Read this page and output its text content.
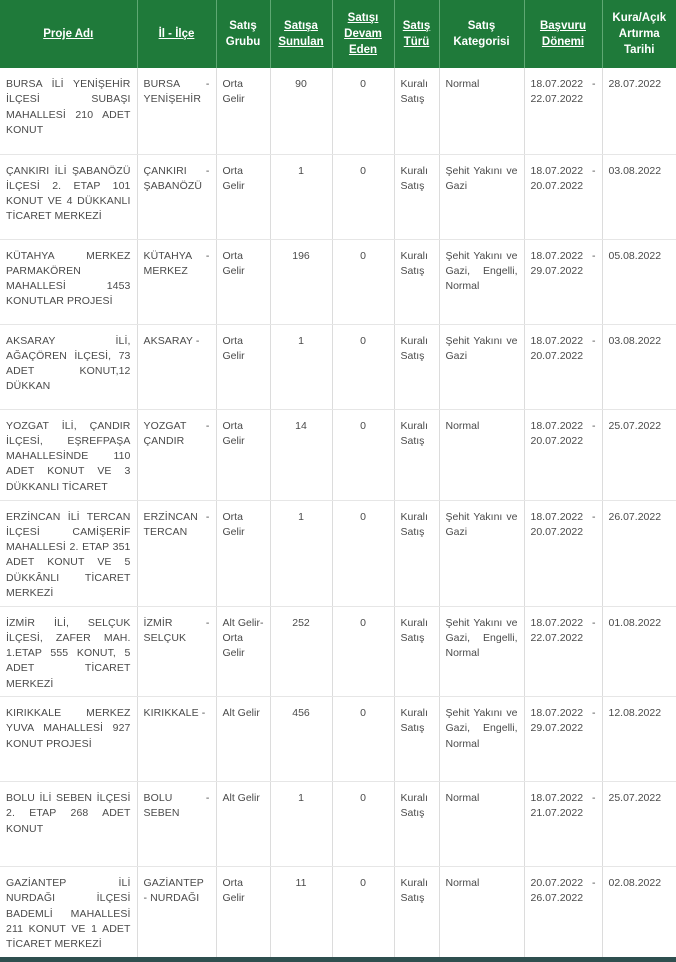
Proje Adı	İl - İlçe	Satış Grubu	Satışa Sunulan	Satışı Devam Eden	Satış Türü	Satış Kategorisi	Başvuru Dönemi	Kura/Açık Artırma Tarihi
BURSA İLİ YENİŞEHİR İLÇESİ SUBAŞI MAHALLESİ 210 ADET KONUT	BURSA - YENİŞEHİR	Orta Gelir	90	0	Kuralı Satış	Normal	18.07.2022 - 22.07.2022	28.07.2022
ÇANKIRI İLİ ŞABANÖZÜ İLÇESİ 2. ETAP 101 KONUT VE 4 DÜKKANLI TİCARET MERKEZİ	ÇANKIRI - ŞABANÖZÜ	Orta Gelir	1	0	Kuralı Satış	Şehit Yakını ve Gazi	18.07.2022 - 20.07.2022	03.08.2022
KÜTAHYA MERKEZ PARMAKÖREN MAHALLESİ 1453 KONUTLAR PROJESİ	KÜTAHYA - MERKEZ	Orta Gelir	196	0	Kuralı Satış	Şehit Yakını ve Gazi, Engelli, Normal	18.07.2022 - 29.07.2022	05.08.2022
AKSARAY İLİ, AĞAÇÖREN İLÇESİ, 73 ADET KONUT,12 DÜKKAN	AKSARAY -	Orta Gelir	1	0	Kuralı Satış	Şehit Yakını ve Gazi	18.07.2022 - 20.07.2022	03.08.2022
YOZGAT İLİ, ÇANDIR İLÇESİ, EŞREFPAŞA MAHALLESİNDE 110 ADET KONUT VE 3 DÜKKANLI TİCARET	YOZGAT - ÇANDIR	Orta Gelir	14	0	Kuralı Satış	Normal	18.07.2022 - 20.07.2022	25.07.2022
ERZİNCAN İLİ TERCAN İLÇESİ CAMİŞERİF MAHALLESİ 2. ETAP 351 ADET KONUT VE 5 DÜKKÂNLI TİCARET MERKEZİ	ERZİNCAN - TERCAN	Orta Gelir	1	0	Kuralı Satış	Şehit Yakını ve Gazi	18.07.2022 - 20.07.2022	26.07.2022
İZMİR İLİ, SELÇUK İLÇESİ, ZAFER MAH. 1.ETAP 555 KONUT, 5 ADET TİCARET MERKEZİ	İZMİR - SELÇUK	Alt Gelir-Orta Gelir	252	0	Kuralı Satış	Şehit Yakını ve Gazi, Engelli, Normal	18.07.2022 - 22.07.2022	01.08.2022
KIRIKKALE MERKEZ YUVA MAHALLESİ 927 KONUT PROJESİ	KIRIKKALE -	Alt Gelir	456	0	Kuralı Satış	Şehit Yakını ve Gazi, Engelli, Normal	18.07.2022 - 29.07.2022	12.08.2022
BOLU İLİ SEBEN İLÇESİ 2. ETAP 268 ADET KONUT	BOLU - SEBEN	Alt Gelir	1	0	Kuralı Satış	Normal	18.07.2022 - 21.07.2022	25.07.2022
GAZİANTEP İLİ NURDAĞI İLÇESİ BADEMLİ MAHALLESİ 211 KONUT VE 1 ADET TİCARET MERKEZİ	GAZİANTEP - NURDAĞI	Orta Gelir	11	0	Kuralı Satış	Normal	20.07.2022 - 26.07.2022	02.08.2022
